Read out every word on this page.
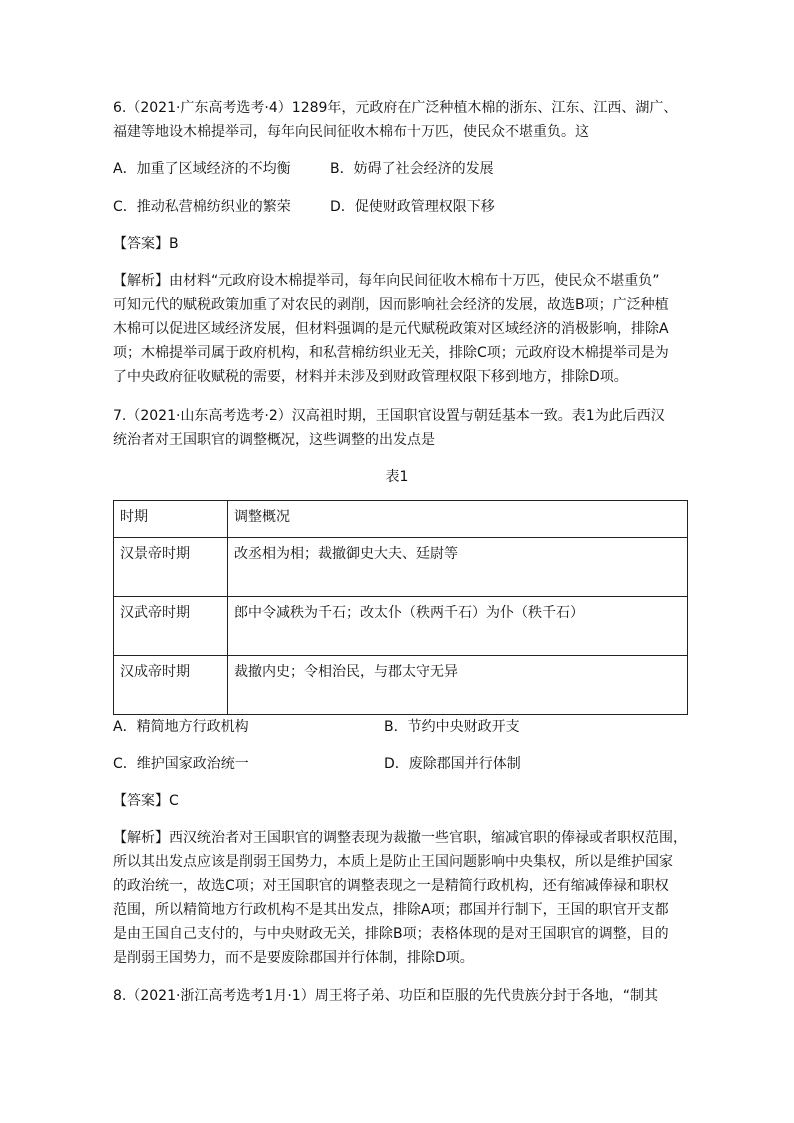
6.（2021·广东高考选考·4）1289年，元政府在广泛种植木棉的浙东、江东、江西、湖广、
福建等地设木棉提举司，每年向民间征收木棉布十万匹，使民众不堪重负。这
A．加重了区域经济的不均衡	B．妨碍了社会经济的发展
C．推动私营棉纺织业的繁荣	D．促使财政管理权限下移
【答案】B
【解析】由材料“元政府设木棉提举司，每年向民间征收木棉布十万匹，使民众不堪重负”
可知元代的赋税政策加重了对农民的剥削，因而影响社会经济的发展，故选B项；广泛种植
木棉可以促进区域经济发展，但材料强调的是元代赋税政策对区域经济的消极影响，排除A
项；木棉提举司属于政府机构，和私营棉纺织业无关，排除C项；元政府设木棉提举司是为
了中央政府征收赋税的需要，材料并未涉及到财政管理权限下移到地方，排除D项。
7.（2021·山东高考选考·2）汉高祖时期，王国职官设置与朝廷基本一致。表1为此后西汉
统治者对王国职官的调整概况，这些调整的出发点是
表1
时期	调整概况
汉景帝时期	改丞相为相；裁撤御史大夫、廷尉等
汉武帝时期	郎中令减秩为千石；改太仆（秩两千石）为仆（秩千石）
汉成帝时期	裁撤内史；令相治民，与郡太守无异
A．精简地方行政机构	B．节约中央财政开支
C．维护国家政治统一	D．废除郡国并行体制
【答案】C
【解析】西汉统治者对王国职官的调整表现为裁撤一些官职，缩减官职的俸禄或者职权范围，
所以其出发点应该是削弱王国势力，本质上是防止王国问题影响中央集权，所以是维护国家
的政治统一，故选C项；对王国职官的调整表现之一是精简行政机构，还有缩减俸禄和职权
范围，所以精简地方行政机构不是其出发点，排除A项；郡国并行制下，王国的职官开支都
是由王国自己支付的，与中央财政无关，排除B项；表格体现的是对王国职官的调整，目的
是削弱王国势力，而不是要废除郡国并行体制，排除D项。
8.（2021·浙江高考选考1月·1）周王将子弟、功臣和臣服的先代贵族分封于各地，“制其
